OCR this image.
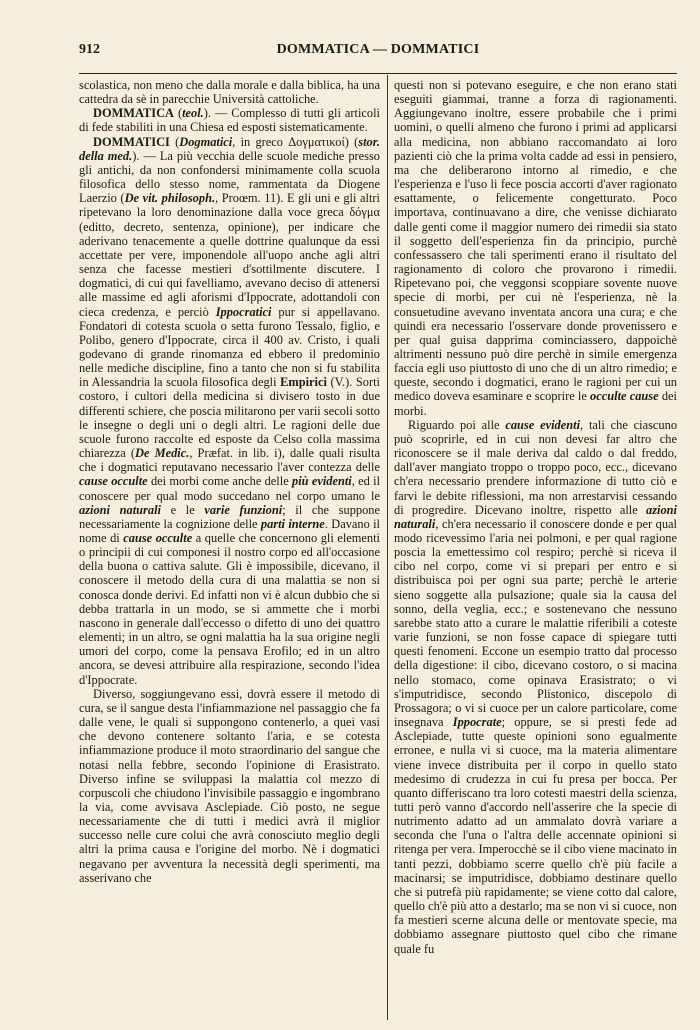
912	DOMMATICA — DOMMATICI

scolastica, non meno che dalla morale e dalla biblica, ha una cattedra da sè in parecchie Università cattoliche.

DOMMATICA (teol.). — Complesso di tutti gli articoli di fede stabiliti in una Chiesa ed esposti sistematicamente.

DOMMATICI (Dogmatici, in greco Δογματικοί) (stor. della med.). — La più vecchia delle scuole mediche presso gli antichi, da non confondersi minimamente colla scuola filosofica dello stesso nome, rammentata da Diogene Laerzio (De vit. philosoph., Proœm. 11). E gli uni e gli altri ripetevano la loro denominazione dalla voce greca δόγμα (editto, decreto, sentenza, opinione), per indicare che aderivano tenacemente a quelle dottrine qualunque da essi accettate per vere, imponendole all'uopo anche agli altri senza che facesse mestieri d'sottilmente discutere. I dogmatici, di cui qui favelliamo, avevano deciso di attenersi alle massime ed agli aforismi d'Ippocrate, adottandoli con cieca credenza, e perciò Ippocratici pur si appellavano. Fondatori di cotesta scuola o setta furono Tessalo, figlio, e Polibo, genero d'Ippocrate, circa il 400 av. Cristo, i quali godevano di grande rinomanza ed ebbero il predominio nelle mediche discipline, fino a tanto che non si fu stabilita in Alessandria la scuola filosofica degli Empirici (V.). Sorti costoro, i cultori della medicina si divisero tosto in due differenti schiere, che poscia militarono per varii secoli sotto le insegne o degli uni o degli altri. Le ragioni delle due scuole furono raccolte ed esposte da Celso colla massima chiarezza (De Medic., Præfat. in lib. i), dalle quali risulta che i dogmatici reputavano necessario l'aver contezza delle cause occulte dei morbi come anche delle più evidenti, ed il conoscere per qual modo succedano nel corpo umano le azioni naturali e le varie funzioni; il che suppone necessariamente la cognizione delle parti interne. Davano il nome di cause occulte a quelle che concernono gli elementi o principii di cui componesi il nostro corpo ed all'occasione della buona o cattiva salute. Gli è impossibile, dicevano, il conoscere il metodo della cura di una malattia se non si conosca donde derivi. Ed infatti non vi è alcun dubbio che si debba trattarla in un modo, se si ammette che i morbi nascono in generale dall'eccesso o difetto di uno dei quattro elementi; in un altro, se ogni malattia ha la sua origine negli umori del corpo, come la pensava Erofilo; ed in un altro ancora, se devesi attribuire alla respirazione, secondo l'idea d'Ippocrate.

Diverso, soggiungevano essi, dovrà essere il metodo di cura, se il sangue desta l'infiammazione nel passaggio che fa dalle vene, le quali si suppongono contenerlo, a quei vasi che devono contenere soltanto l'aria, e se cotesta infiammazione produce il moto straordinario del sangue che notasi nella febbre, secondo l'opinione di Erasistrato. Diverso infine se sviluppasi la malattia col mezzo di corpuscoli che chiudono l'invisibile passaggio e ingombrano la via, come avvisava Asclepiade. Ciò posto, ne segue necessariamente che di tutti i medici avrà il miglior successo nelle cure colui che avrà conosciuto meglio degli altri la prima causa e l'origine del morbo. Nè i dogmatici negavano per avventura la necessità degli sperimenti, ma asserivano che

questi non si potevano eseguire, e che non erano stati eseguiti giammai, tranne a forza di ragionamenti. Aggiungevano inoltre, essere probabile che i primi uomini, o quelli almeno che furono i primi ad applicarsi alla medicina, non abbiano raccomandato ai loro pazienti ciò che la prima volta cadde ad essi in pensiero, ma che deliberarono intorno al rimedio, e che l'esperienza e l'uso li fece poscia accorti d'aver ragionato esattamente, o felicemente congetturato. Poco importava, continuavano a dire, che venisse dichiarato dalle genti come il maggior numero dei rimedii sia stato il soggetto dell'esperienza fin da principio, purchè confessassero che tali sperimenti erano il risultato del ragionamento di coloro che provarono i rimedii. Ripetevano poi, che veggonsi scoppiare sovente nuove specie di morbi, per cui nè l'esperienza, nè la consuetudine avevano inventata ancora una cura; e che quindi era necessario l'osservare donde provenissero e per qual guisa dapprima cominciassero, dappoichè altrimenti nessuno può dire perchè in simile emergenza faccia egli uso piuttosto di uno che di un altro rimedio; e queste, secondo i dogmatici, erano le ragioni per cui un medico doveva esaminare e scoprire le occulte cause dei morbi.

Riguardo poi alle cause evidenti, tali che ciascuno può scoprirle, ed in cui non devesi far altro che riconoscere se il male deriva dal caldo o dal freddo, dall'aver mangiato troppo o troppo poco, ecc., dicevano ch'era necessario prendere informazione di tutto ciò e farvi le debite riflessioni, ma non arrestarvisi cessando di progredire. Dicevano inoltre, rispetto alle azioni naturali, ch'era necessario il conoscere donde e per qual modo ricevessimo l'aria nei polmoni, e per qual ragione poscia la emettessimo col respiro; perchè si riceva il cibo nel corpo, come vi si prepari per entro e si distribuisca poi per ogni sua parte; perchè le arterie sieno soggette alla pulsazione; quale sia la causa del sonno, della veglia, ecc.; e sostenevano che nessuno sarebbe stato atto a curare le malattie riferibili a coteste varie funzioni, se non fosse capace di spiegare tutti questi fenomeni. Eccone un esempio tratto dal processo della digestione: il cibo, dicevano costoro, o si macina nello stomaco, come opinava Erasistrato; o vi s'imputridisce, secondo Plistonico, discepolo di Prossagora; o vi si cuoce per un calore particolare, come insegnava Ippocrate; oppure, se si presti fede ad Asclepiade, tutte queste opinioni sono egualmente erronee, e nulla vi si cuoce, ma la materia alimentare viene invece distribuita per il corpo in quello stato medesimo di crudezza in cui fu presa per bocca. Per quanto differiscano tra loro cotesti maestri della scienza, tutti però vanno d'accordo nell'asserire che la specie di nutrimento adatto ad un ammalato dovrà variare a seconda che l'una o l'altra delle accennate opinioni si ritenga per vera. Imperocchè se il cibo viene macinato in tanti pezzi, dobbiamo scerre quello ch'è più facile a macinarsi; se imputridisce, dobbiamo destinare quello che si putrefà più rapidamente; se viene cotto dal calore, quello ch'è più atto a destarlo; ma se non vi si cuoce, non fa mestieri scerne alcuna delle or mentovate specie, ma dobbiamo assegnare piuttosto quel cibo che rimane quale fu
